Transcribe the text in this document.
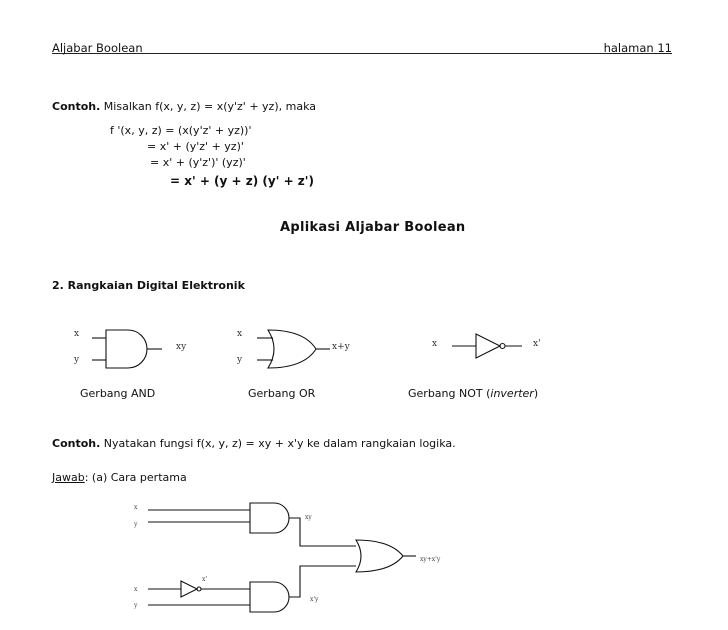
Aljabar Boolean	halaman 11
Contoh. Misalkan f(x, y, z) = x(y'z' + yz), maka
f '(x, y, z) = (x(y'z' + yz))'
= x' + (y'z' + yz)'
= x' + (y'z')' (yz)'
= x' + (y + z) (y' + z')
Aplikasi Aljabar Boolean
2. Rangkaian Digital Elektronik
x
y
xy
Gerbang AND
x
y
x+y
Gerbang OR
x	x'
Gerbang NOT (inverter)
Contoh. Nyatakan fungsi f(x, y, z) = xy + x'y ke dalam rangkaian logika.
Jawab: (a) Cara pertama
x
y
x
y
xy
x'
x'y
xy+x'y
